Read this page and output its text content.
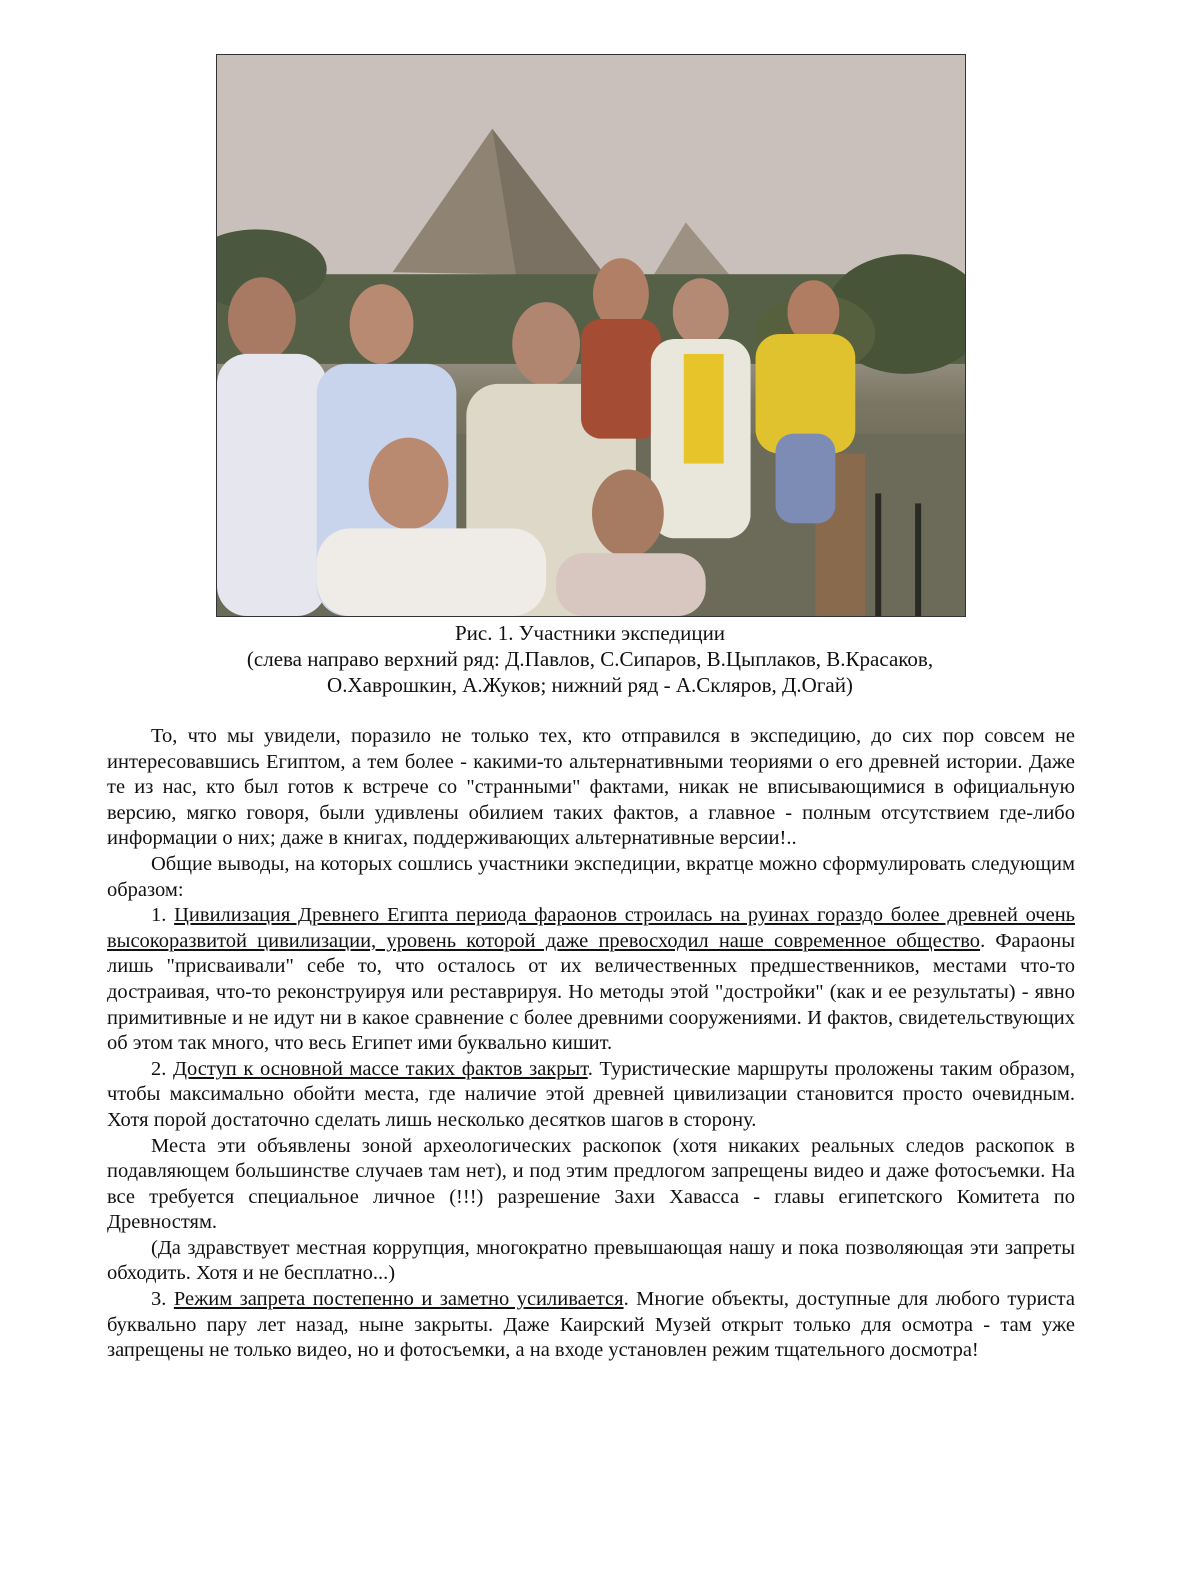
Рис. 1. Участники экспедиции
(слева направо верхний ряд: Д.Павлов, С.Сипаров, В.Цыплаков, В.Красаков,
О.Хаврошкин, А.Жуков; нижний ряд - А.Скляров, Д.Огай)

То, что мы увидели, поразило не только тех, кто отправился в экспедицию, до сих пор совсем не интересовавшись Египтом, а тем более - какими-то альтернативными теориями о его древней истории. Даже те из нас, кто был готов к встрече со "странными" фактами, никак не вписывающимися в официальную версию, мягко говоря, были удивлены обилием таких фактов, а главное - полным отсутствием где-либо информации о них; даже в книгах, поддерживающих альтернативные версии!..

Общие выводы, на которых сошлись участники экспедиции, вкратце можно сформулировать следующим образом:

1. Цивилизация Древнего Египта периода фараонов строилась на руинах гораздо более древней очень высокоразвитой цивилизации, уровень которой даже превосходил наше современное общество. Фараоны лишь "присваивали" себе то, что осталось от их величественных предшественников, местами что-то достраивая, что-то реконструируя или реставрируя. Но методы этой "достройки" (как и ее результаты) - явно примитивные и не идут ни в какое сравнение с более древними сооружениями. И фактов, свидетельствующих об этом так много, что весь Египет ими буквально кишит.

2. Доступ к основной массе таких фактов закрыт. Туристические маршруты проложены таким образом, чтобы максимально обойти места, где наличие этой древней цивилизации становится просто очевидным. Хотя порой достаточно сделать лишь несколько десятков шагов в сторону.

Места эти объявлены зоной археологических раскопок (хотя никаких реальных следов раскопок в подавляющем большинстве случаев там нет), и под этим предлогом запрещены видео и даже фотосъемки. На все требуется специальное личное (!!!) разрешение Захи Хавасса - главы египетского Комитета по Древностям.

(Да здравствует местная коррупция, многократно превышающая нашу и пока позволяющая эти запреты обходить. Хотя и не бесплатно...)

3. Режим запрета постепенно и заметно усиливается. Многие объекты, доступные для любого туриста буквально пару лет назад, ныне закрыты. Даже Каирский Музей открыт только для осмотра - там уже запрещены не только видео, но и фотосъемки, а на входе установлен режим тщательного досмотра!
